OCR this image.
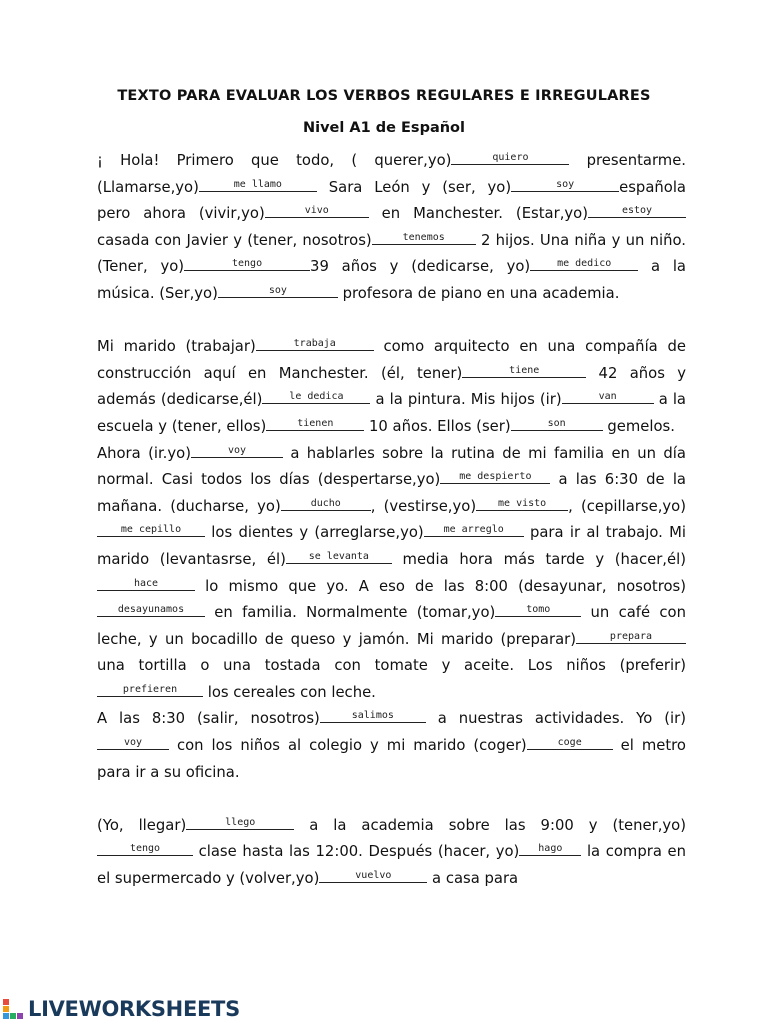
TEXTO PARA EVALUAR LOS VERBOS REGULARES E IRREGULARES
Nivel A1 de Español

¡ Hola! Primero que todo, ( querer,yo)	quiero	presentarme. (Llamarse,yo)	me llamo	Sara León y (ser, yo)	soy	española pero ahora (vivir,yo)	vivo	en Manchester. (Estar,yo)	estoy
casada con Javier y (tener, nosotros)	tenemos	2 hijos. Una niña y un niño. (Tener, yo)	tengo	39 años y (dedicarse, yo)	me dedico	a la música. (Ser,yo)	soy	profesora de piano en una academia.

Mi marido (trabajar)	trabaja	como arquitecto en una compañía de construcción aquí en Manchester. (él, tener)	tiene	42 años y además (dedicarse,él)	le dedica	a la pintura. Mis hijos (ir)	van	a la escuela y (tener, ellos)	tienen	10 años. Ellos (ser)	son	gemelos.

Ahora (ir.yo)	voy	a hablarles sobre la rutina de mi familia en un día normal. Casi todos los días (despertarse,yo)	me despierto	a las 6:30 de la mañana. (ducharse, yo)	ducho	, (vestirse,yo)	me visto	, (cepillarse,yo)
me cepillo	los dientes y (arreglarse,yo)	me arreglo	para ir al trabajo. Mi marido (levantasrse, él)	se levanta	media hora más tarde y (hacer,él)
hace	lo mismo que yo. A eso de las 8:00 (desayunar, nosotros)
desayunamos	en familia. Normalmente (tomar,yo)	tomo	un café con leche, y un bocadillo de queso y jamón. Mi marido (preparar)	prepara
una tortilla o una tostada con tomate y aceite. Los niños (preferir)
prefieren	los cereales con leche.

A las 8:30 (salir, nosotros)	salimos	a nuestras actividades. Yo (ir)
voy	con los niños al colegio y mi marido (coger)	coge	el metro para ir a su oficina.

(Yo, llegar)	llego	a la academia sobre las 9:00 y (tener,yo)
tengo	clase hasta las 12:00. Después (hacer, yo)	hago	la compra en el supermercado y (volver,yo)	vuelvo	a casa para

LIVEWORKSHEETS
